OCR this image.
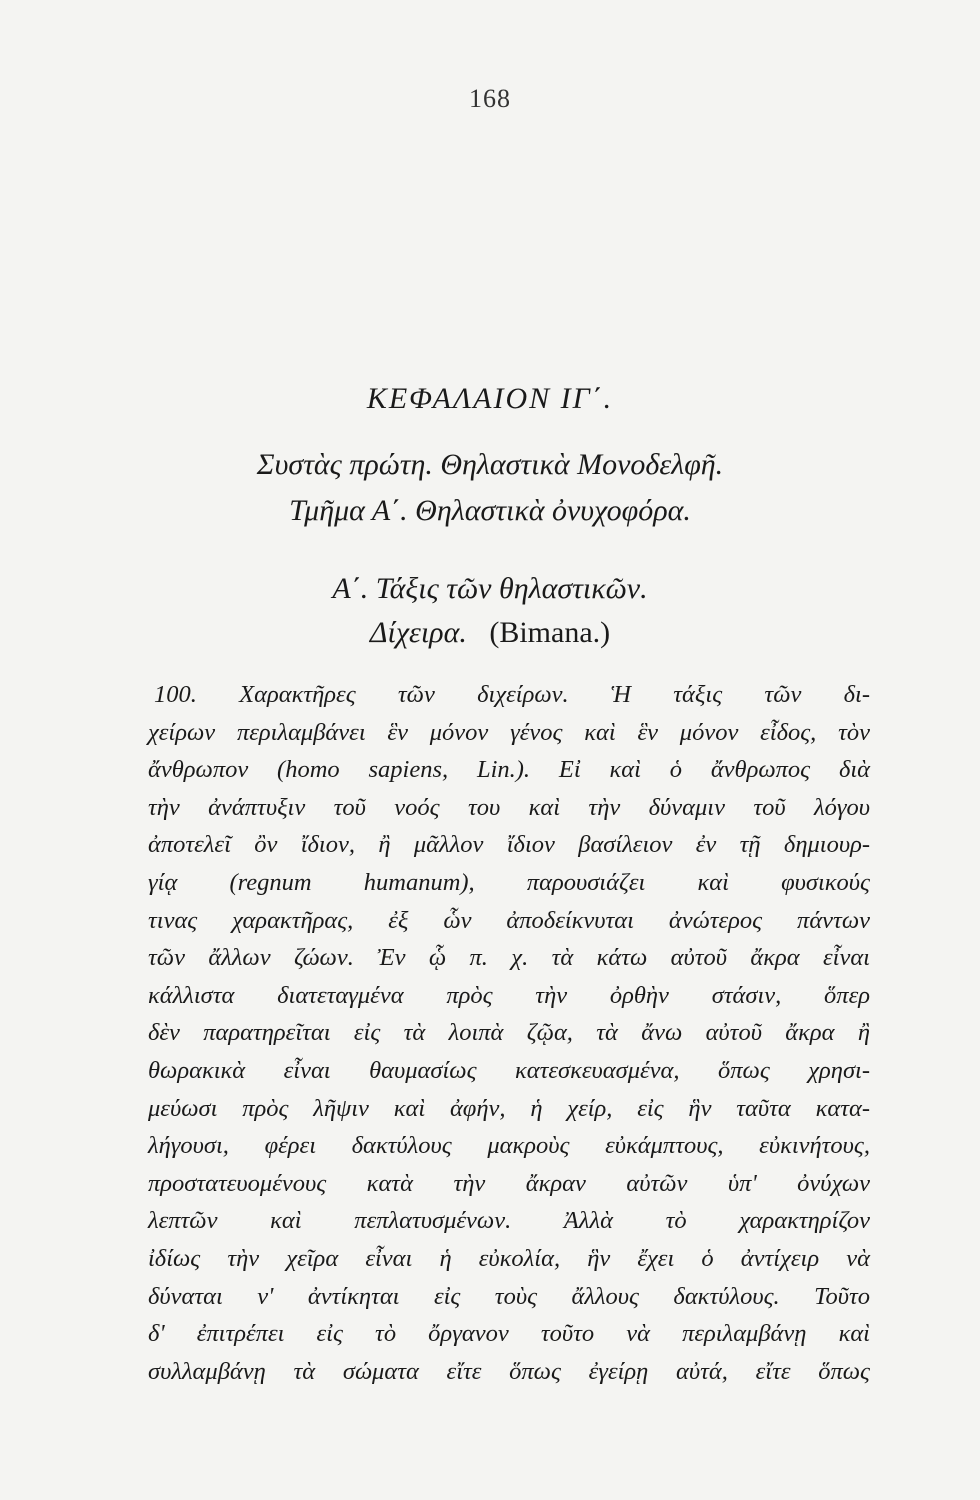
168
ΚΕΦΑΛΑΙΟΝ ΙΓ΄.
Συστὰς πρώτη. Θηλαστικὰ Μονοδελφῆ.
Τμῆμα Α΄. Θηλαστικὰ ὀνυχοφόρα.
Α΄. Τάξις τῶν θηλαστικῶν.
Δίχειρα. (Bimana.)
100. Χαρακτῆρες τῶν διχείρων. Ἡ τάξις τῶν δι-
χείρων περιλαμβάνει ἓν μόνον γένος καὶ ἓν μόνον εἶδος, τὸν
ἄνθρωπον (homo sapiens, Lin.). Εἰ καὶ ὁ ἄνθρωπος διὰ
τὴν ἀνάπτυξιν τοῦ νοός του καὶ τὴν δύναμιν τοῦ λόγου
ἀποτελεῖ ὂν ἴδιον, ἢ μᾶλλον ἴδιον βασίλειον ἐν τῇ δημιουρ-
γίᾳ (regnum humanum), παρουσιάζει καὶ φυσικούς
τινας χαρακτῆρας, ἐξ ὧν ἀποδείκνυται ἀνώτερος πάντων
τῶν ἄλλων ζώων. Ἐν ᾧ π. χ. τὰ κάτω αὐτοῦ ἄκρα εἶναι
κάλλιστα διατεταγμένα πρὸς τὴν ὀρθὴν στάσιν, ὅπερ
δὲν παρατηρεῖται εἰς τὰ λοιπὰ ζῷα, τὰ ἄνω αὐτοῦ ἄκρα ἢ
θωρακικὰ εἶναι θαυμασίως κατεσκευασμένα, ὅπως χρησι-
μεύωσι πρὸς λῆψιν καὶ ἀφήν, ἡ χείρ, εἰς ἣν ταῦτα κατα-
λήγουσι, φέρει δακτύλους μακροὺς εὐκάμπτους, εὐκινήτους,
προστατευομένους κατὰ τὴν ἄκραν αὐτῶν ὑπ' ὀνύχων
λεπτῶν καὶ πεπλατυσμένων. Ἀλλὰ τὸ χαρακτηρίζον
ἰδίως τὴν χεῖρα εἶναι ἡ εὐκολία, ἣν ἔχει ὁ ἀντίχειρ νὰ
δύναται ν' ἀντίκηται εἰς τοὺς ἄλλους δακτύλους. Τοῦτο
δ' ἐπιτρέπει εἰς τὸ ὄργανον τοῦτο νὰ περιλαμβάνῃ καὶ
συλλαμβάνῃ τὰ σώματα εἴτε ὅπως ἐγείρῃ αὐτά, εἴτε ὅπως
